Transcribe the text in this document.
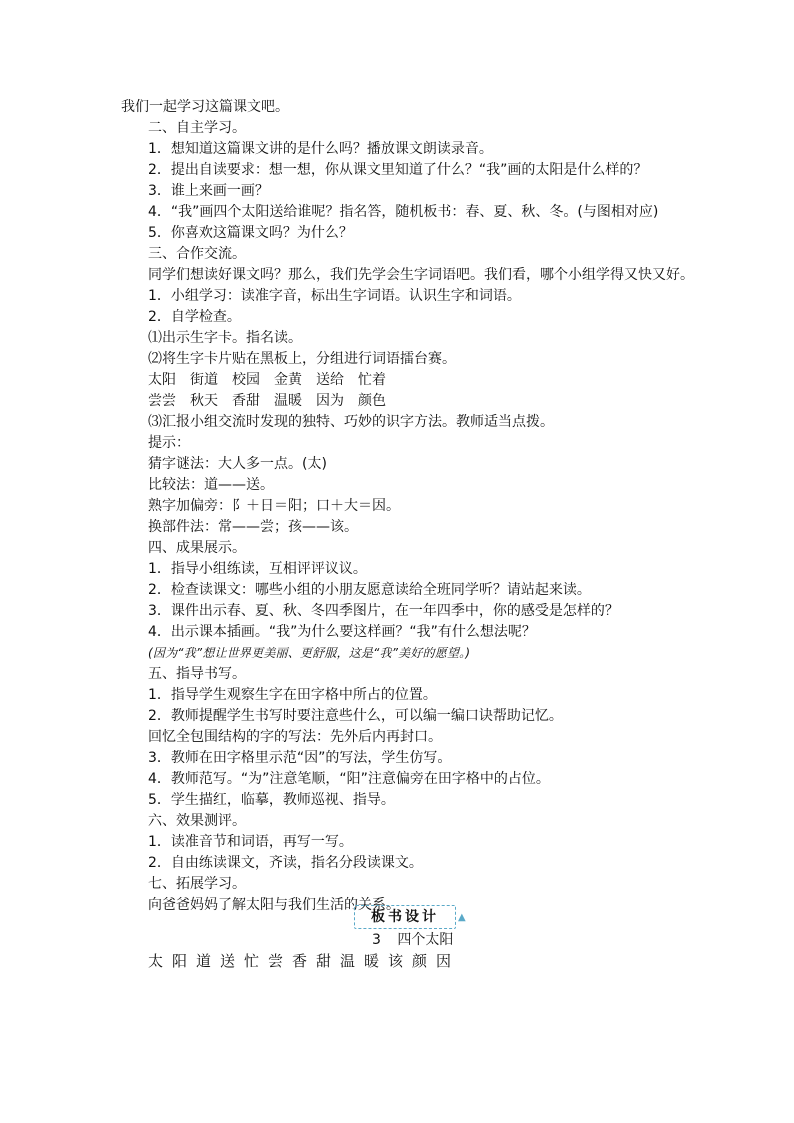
我们一起学习这篇课文吧。
二、自主学习。
1．想知道这篇课文讲的是什么吗？播放课文朗读录音。
2．提出自读要求：想一想，你从课文里知道了什么？“我”画的太阳是什么样的？
3．谁上来画一画？
4．“我”画四个太阳送给谁呢？指名答，随机板书：春、夏、秋、冬。(与图相对应)
5．你喜欢这篇课文吗？为什么？
三、合作交流。
同学们想读好课文吗？那么，我们先学会生字词语吧。我们看，哪个小组学得又快又好。
1．小组学习：读准字音，标出生字词语。认识生字和词语。
2．自学检查。
⑴出示生字卡。指名读。
⑵将生字卡片贴在黑板上，分组进行词语擂台赛。
太阳　街道　校园　金黄　送给　忙着
尝尝　秋天　香甜　温暖　因为　颜色
⑶汇报小组交流时发现的独特、巧妙的识字方法。教师适当点拨。
提示：
猜字谜法：大人多一点。(太)
比较法：道——送。
熟字加偏旁：阝＋日＝阳；口＋大＝因。
换部件法：常——尝；孩——该。
四、成果展示。
1．指导小组练读，互相评评议议。
2．检查读课文：哪些小组的小朋友愿意读给全班同学听？请站起来读。
3．课件出示春、夏、秋、冬四季图片，在一年四季中，你的感受是怎样的？
4．出示课本插画。“我”为什么要这样画？“我”有什么想法呢？
(因为“我”想让世界更美丽、更舒服，这是“我”美好的愿望。)
五、指导书写。
1．指导学生观察生字在田字格中所占的位置。
2．教师提醒学生书写时要注意些什么，可以编一编口诀帮助记忆。
回忆全包围结构的字的写法：先外后内再封口。
3．教师在田字格里示范“因”的写法，学生仿写。
4．教师范写。“为”注意笔顺，“阳”注意偏旁在田字格中的占位。
5．学生描红，临摹，教师巡视、指导。
六、效果测评。
1．读准音节和词语，再写一写。
2．自由练读课文，齐读，指名分段读课文。
七、拓展学习。
向爸爸妈妈了解太阳与我们生活的关系。
板书设计	▲
3 四个太阳
太阳道送忙尝香甜温暖该颜因
